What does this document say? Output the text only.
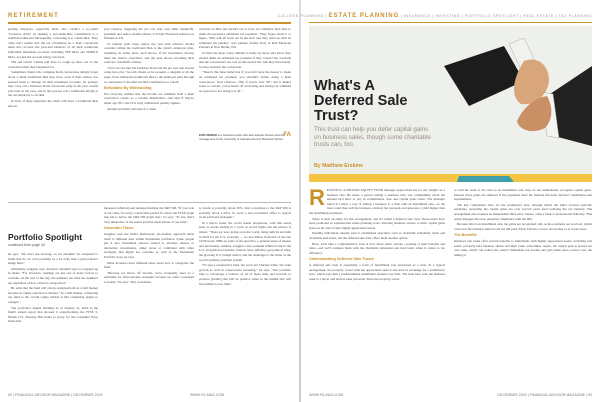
RETIREMENT

pecting taxpayers, especially those who conduct a so-called "backdoor Roth" by making a non-deductible contribution to a traditional IRA and subsequently converting it to a Roth IRA. They often don't realize that the tax calculation on a Roth conversion takes into account the year-end balances of all their traditional individual retirement accounts, including SEP IRAs and SIMPLE IRAs, not just the account being converted.

The end result? Clients will have to cough up more tax on the conversion than they bargained for.

Sometimes clients who complete Roth conversions simply forget about a small traditional IRA they have, even if their advisor has pressed them to divulge all their retirement accounts. Or perhaps they carry out a backdoor Roth conversion early in the year, switch jobs later in the year, and in the process roll a traditional 401(k) at the old employer to an IRA.

In both of these situations the client will have a traditional IRA end-of-

year balance, triggering the pro rata rule, says Matt Sandhoffs, president and senior wealth advisor at Tobias Financial Advisors in Plantation, Fla.

To remedy such cases, before the year ends advisors should consider rolling the traditional IRA to the client's employer plan, assuming its terms allow such moves. If the investment choices meet the client's objectives, and the plan allows incoming IRA rollovers, Sandhoffs advises.

"Now we can start the backdoor Roth and the pro rata rule doesn't come into play," he tells clients as he presents a diagram of all the steps, from rolling the traditional IRA to the employer plan through to conversion of the after-tax IRA contribution to a Roth.

Befuddled By Withholding

Not everyone realizes that the income tax withheld from a Roth conversion counts as a taxable distribution—and that if they're under age 59½, the 10% early withdrawal penalty applies.

Another problem will arise if a client

converts an IRA and decides not to have tax withheld, then fails to make the necessary estimated tax payment. "They forget about it or figure, 'This will all work out in the end,' and they wind up with an estimated tax penalty," says planner Jeremy Keil, of Keil Financial Partners in New Berlin, Wis.

To him, the most costly blunder is made by those who know they should make an estimated tax payment if they convert but conclude that the conversion's tax cost would exceed the cash they have handy. So they abandon the conversion.

"There's this false belief that if you don't have the money to make an estimated tax payment, you shouldn't bother doing a Roth conversion," Keil observes. "But if you're over 59½ and it makes sense to convert, you're better off converting and having tax withheld as opposed to not doing it at all."

FA
ERIC REINER is a freelance writer who also teaches finance and risk management at the University of Colorado Denver Business School.
Portfolio Spotlight
continued from page 44

he says. "We don't use leverage, so we shouldn't be compared to funds that do. So we'd probably be a lot risky than a global macro hedge fund."

Ultimately, Guggino says, investors shouldn't get too wrapped up in labels. "For investors, rankings are just one of many factors to consider. At the end of the day, the numbers are what the numbers are regardless of how a fund is categorized."

He adds that the fund will always underperform in a bull market because its equity exposure is limited. "In a bull market, comparing our fund to the overall equity market is like comparing apples to oranges."

The portfolio's largest holdings as of January 31, 2024 in the fund's annual report that showed it outperforming the FTSE 3-Month U.S. Treasury Bill Index (a proxy for the Consumer Price Index that

measures inflation) and underperforming the S&P 500. "If you look at our chart, for every conceivable period it's above the FTSE graph line but is below the S&P 500 graph line," he says. "To me, that's very illustrative of the return and risk expectations of our fund."

Uncertain Times

Guggino sees the fund's multi-asset, all-weather approach lends itself to different uses within investment portfolios. Some people put it into investment sleeves related to absolute returns or alternative investments, either alone or combined with other strategies that might not correlate as well as the Permanent Portfolio does, he says.

Other investors have different ideas about how to categorize the fund.

"Because we throw off income, we're frequently used as a substitute for fixed-income strategies because we aren't correlated to bonds," he says. "Our correlation

to bonds is probably about 30%. Our correlation to the S&P 500 is probably about a third. So we're a non-correlative offset to typical stock and bond strategies."

In a macro sense, the world seems prosperous, with risk assets such as stocks trading in a cycle at record highs, but the picture is mixed. "There are wars going on in the world, rising deficits and debt in 2024 for the U.S. economy — no less differs from that of the late 1970s/early-1980s in some of the specifics, a general sense of unease and uncertainty remains. Guggino cites potential inflation risk in the U.S. and global economies, interest rates, inflation, geopolitical risks, the growing U.S. budget deficit, and the challenge to the dollar as the world's primary payment system.

"It's just a constructive fund, but we're not Chicken Little. We want growth as well as conservative investing," he says. "Our portfolio tries to encourage a balance of all of these risks and rewards to produce [results] that will be positive when in the middle that will beat inflation over time."

52 | FINANCIAL ADVISOR MAGAZINE | DECEMBER 2024	WWW.FA-MAG.COM
COLLEGE PLANNING | ESTATE PLANNING | INSURANCE | INVESTING | PORTFOLIO SPOTLIGHT | REAL ESTATE | TAX PLANNING
What's A
Deferred Sale
Trust?
This trust can help you defer capital gains on business sales, though some charitable trusts can, too.
By Matthew Erskine

RECENTLY, A PRIVATE EQUITY FUND manager approached me for my insight on a business sale. He knew a person selling a business who was complaining about the amount he'd have to pay in commissions, fees and capital gains taxes. The manager asked if I knew a way of selling a business to a trust with an installment sale—so the trust could then sell the business, reinvest the proceeds and generate a yield higher than the installment payments.

There is such an entity for this arrangement, and it's called a deferred sale trust. These trusts have been promoted as sophisticated estate planning tools, allowing business owners to defer capital gains taxes on the sale of their highly appreciated assets.

Wealthy individuals already turn to established structures such as charitable remainder trusts and charitable lead trusts, but the deferred sale trust offers them another option.

Here, we'll take a comprehensive look at how these trusts operate—looking at their benefits and risks—and we'll compare them with the charitable remainder and lead trusts when it comes to tax efficiency.

Understanding Deferred Sale Trusts

A deferred sale trust is essentially a form of installment sale structured as a trust. In a typical arrangement, the property owner sells the appreciated asset to the trust in exchange for a promissory note, which pays him a predetermined installment amount over time. The trust later sells the business asset to a buyer and invests sales proceeds. Since the property owner

or sold the asset to the trust as an installment sale, they do not immediately recognize capital gains. Instead, these gains are deferred if the payments meet the Internal Revenue Service's installment sale requirements.

The key components here are the promissory note, through which the seller receives periodic payments, spreading the capital gains tax over several years (and reducing the tax burden). The arrangement also requires an independent third-party trustee, often a bank or professional fiduciary. This entity manages the trust, ensuring compliance with the IRS.

Because this is an installment sale, the gains are recognized only as the payments are received, which can lower the business seller's total tax bill paid if they fall into a lower tax bracket or at lower taxes.

The Benefits

Deferred sale trusts offer several benefits to individuals with highly appreciated assets, including real estate, privately held business shares and high value collectibles. Again, the capital gain is spread out over time, which can reduce the seller's immediate tax burden and give them more control over the timing of

WWW.FA-MAG.COM	DECEMBER 2024 | FINANCIAL ADVISOR MAGAZINE | 53
